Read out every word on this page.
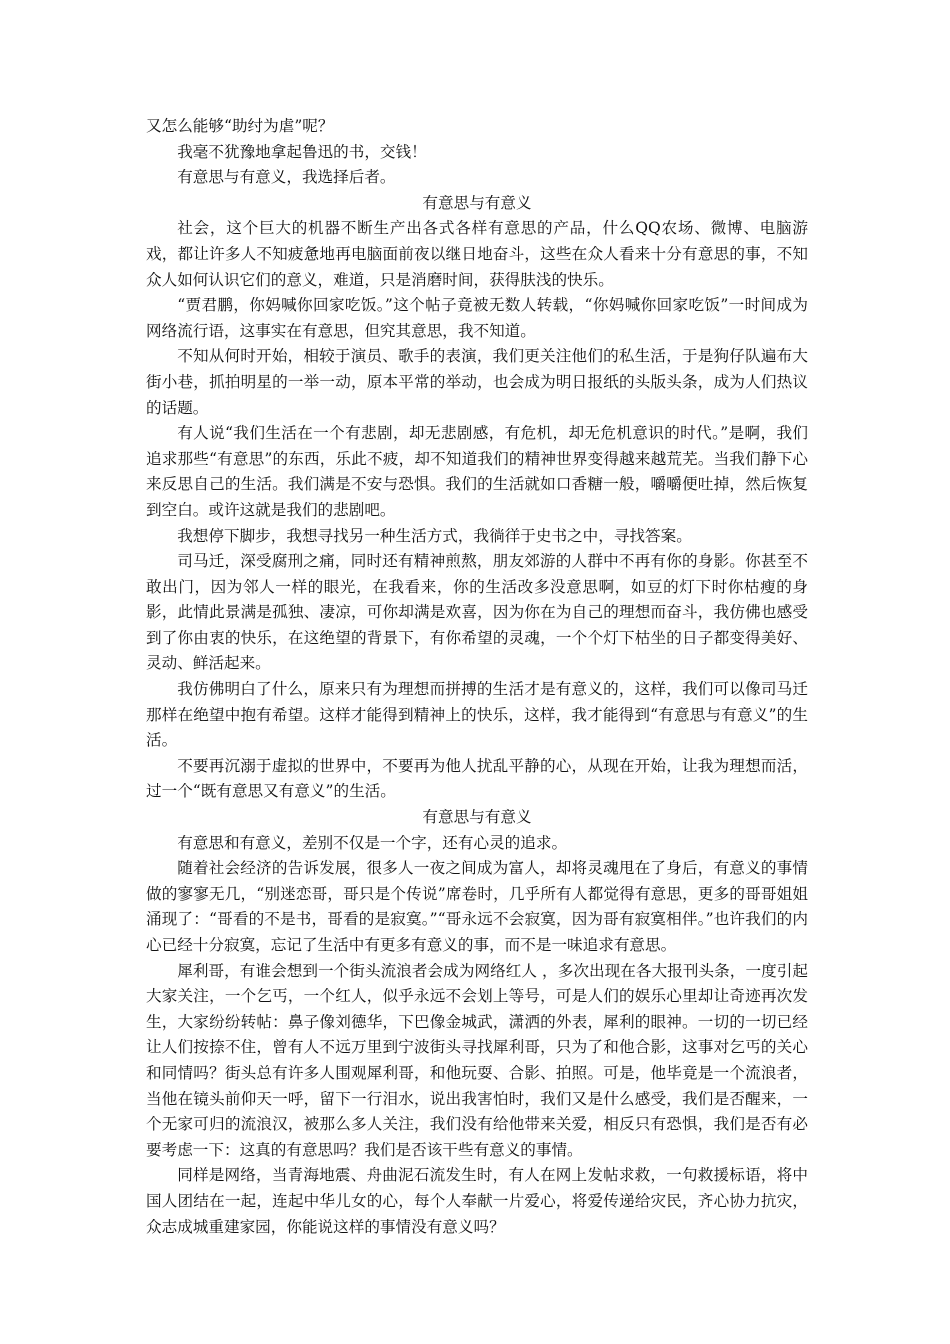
又怎么能够“助纣为虐”呢？

我毫不犹豫地拿起鲁迅的书，交钱！

有意思与有意义，我选择后者。

有意思与有意义

社会，这个巨大的机器不断生产出各式各样有意思的产品，什么QQ农场、微博、电脑游戏，都让许多人不知疲惫地再电脑面前夜以继日地奋斗，这些在众人看来十分有意思的事，不知众人如何认识它们的意义，难道，只是消磨时间，获得肤浅的快乐。

“贾君鹏，你妈喊你回家吃饭。”这个帖子竟被无数人转载，“你妈喊你回家吃饭”一时间成为网络流行语，这事实在有意思，但究其意思，我不知道。

不知从何时开始，相较于演员、歌手的表演，我们更关注他们的私生活，于是狗仔队遍布大街小巷，抓拍明星的一举一动，原本平常的举动，也会成为明日报纸的头版头条，成为人们热议的话题。

有人说“我们生活在一个有悲剧，却无悲剧感，有危机，却无危机意识的时代。”是啊，我们追求那些“有意思”的东西，乐此不疲，却不知道我们的精神世界变得越来越荒芜。当我们静下心来反思自己的生活。我们满是不安与恐惧。我们的生活就如口香糖一般，嚼嚼便吐掉，然后恢复到空白。或许这就是我们的悲剧吧。

我想停下脚步，我想寻找另一种生活方式，我徜徉于史书之中，寻找答案。

司马迁，深受腐刑之痛，同时还有精神煎熬，朋友郊游的人群中不再有你的身影。你甚至不敢出门，因为邻人一样的眼光，在我看来，你的生活改多没意思啊，如豆的灯下时你枯瘦的身影，此情此景满是孤独、凄凉，可你却满是欢喜，因为你在为自己的理想而奋斗，我仿佛也感受到了你由衷的快乐，在这绝望的背景下，有你希望的灵魂，一个个灯下枯坐的日子都变得美好、灵动、鲜活起来。

我仿佛明白了什么，原来只有为理想而拼搏的生活才是有意义的，这样，我们可以像司马迁那样在绝望中抱有希望。这样才能得到精神上的快乐，这样，我才能得到“有意思与有意义”的生活。

不要再沉溺于虚拟的世界中，不要再为他人扰乱平静的心，从现在开始，让我为理想而活，过一个“既有意思又有意义”的生活。

有意思与有意义

有意思和有意义，差别不仅是一个字，还有心灵的追求。

随着社会经济的告诉发展，很多人一夜之间成为富人，却将灵魂甩在了身后，有意义的事情做的寥寥无几，“别迷恋哥，哥只是个传说”席卷时，几乎所有人都觉得有意思，更多的哥哥姐姐涌现了：“哥看的不是书，哥看的是寂寞。”“哥永远不会寂寞，因为哥有寂寞相伴。”也许我们的内心已经十分寂寞，忘记了生活中有更多有意义的事，而不是一味追求有意思。

犀利哥，有谁会想到一个街头流浪者会成为网络红人 ，多次出现在各大报刊头条，一度引起大家关注，一个乞丐，一个红人，似乎永远不会划上等号，可是人们的娱乐心里却让奇迹再次发生，大家纷纷转帖：鼻子像刘德华，下巴像金城武，潇洒的外表，犀利的眼神。一切的一切已经让人们按捺不住，曾有人不远万里到宁波街头寻找犀利哥，只为了和他合影，这事对乞丐的关心和同情吗？街头总有许多人围观犀利哥，和他玩耍、合影、拍照。可是，他毕竟是一个流浪者，当他在镜头前仰天一呼，留下一行泪水，说出我害怕时，我们又是什么感受，我们是否醒来，一个无家可归的流浪汉，被那么多人关注，我们没有给他带来关爱，相反只有恐惧，我们是否有必要考虑一下：这真的有意思吗？我们是否该干些有意义的事情。

同样是网络，当青海地震、舟曲泥石流发生时，有人在网上发帖求救，一句救援标语，将中国人团结在一起，连起中华儿女的心，每个人奉献一片爱心，将爱传递给灾民，齐心协力抗灾，众志成城重建家园，你能说这样的事情没有意义吗？
